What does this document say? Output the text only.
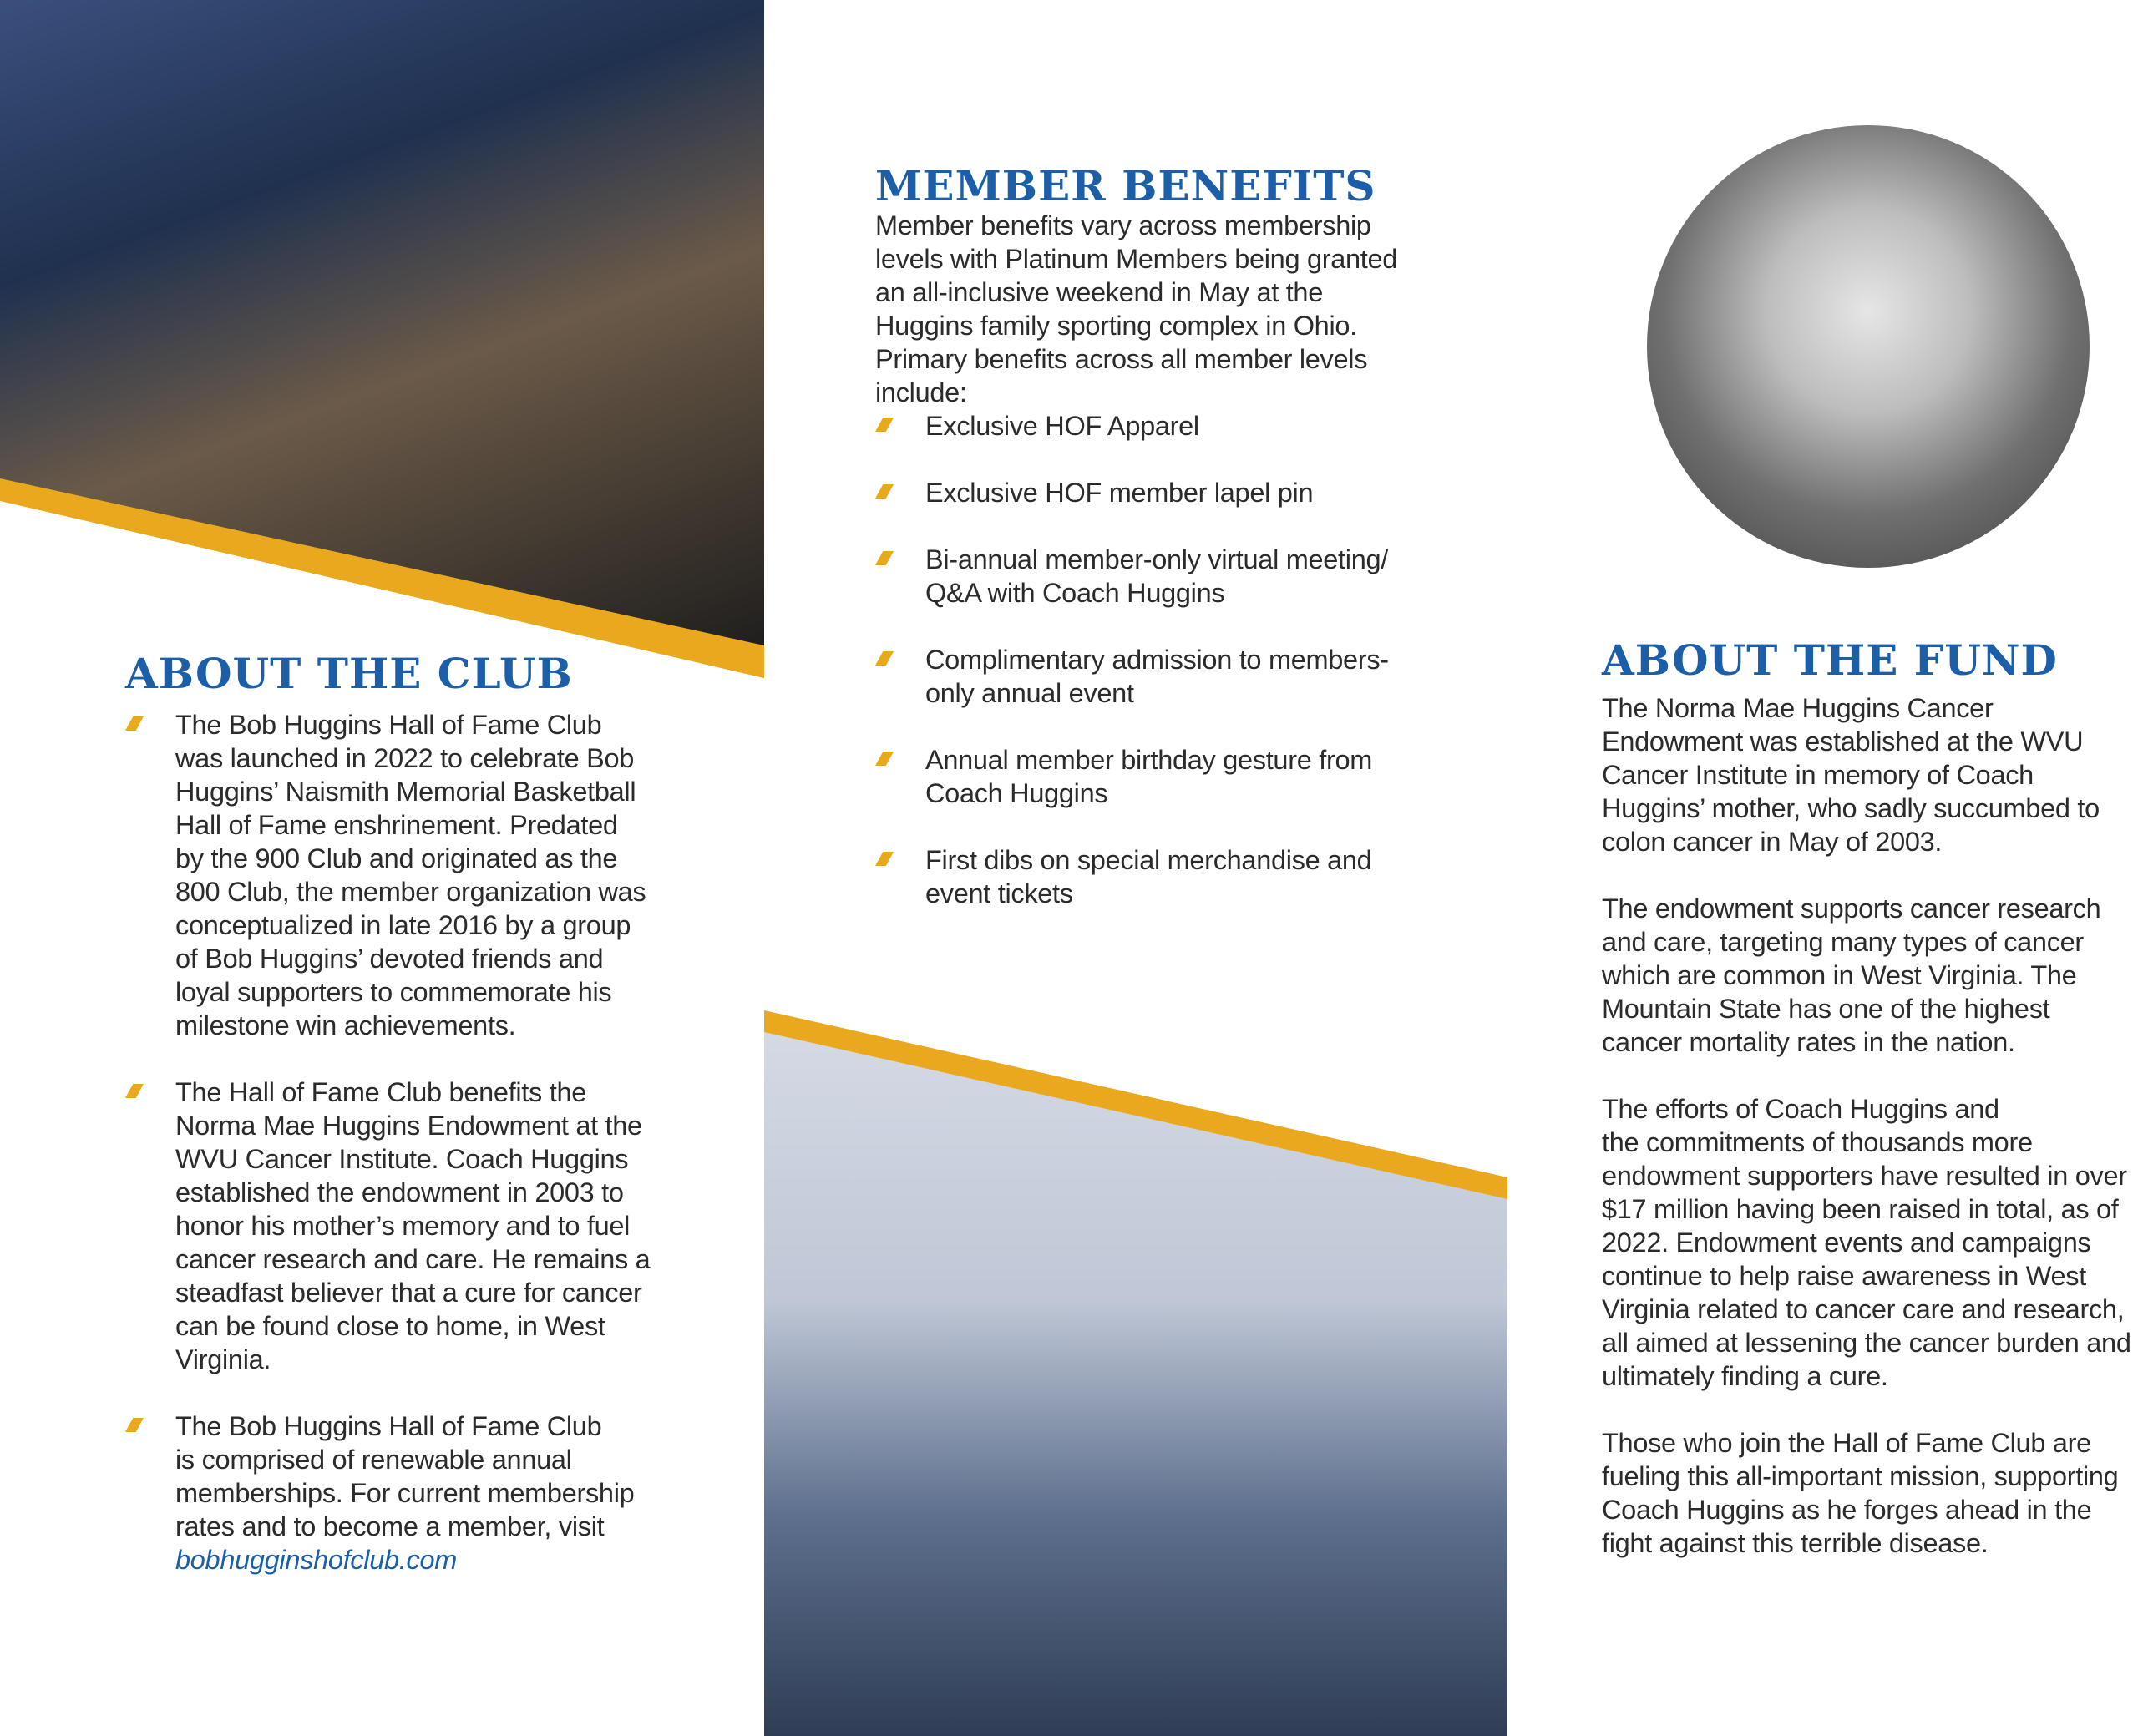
ABOUT THE CLUB

The Bob Huggins Hall of Fame Club
was launched in 2022 to celebrate Bob
Huggins’ Naismith Memorial Basketball
Hall of Fame enshrinement. Predated
by the 900 Club and originated as the
800 Club, the member organization was
conceptualized in late 2016 by a group
of Bob Huggins’ devoted friends and
loyal supporters to commemorate his
milestone win achievements.

The Hall of Fame Club benefits the
Norma Mae Huggins Endowment at the
WVU Cancer Institute. Coach Huggins
established the endowment in 2003 to
honor his mother’s memory and to fuel
cancer research and care. He remains a
steadfast believer that a cure for cancer
can be found close to home, in West
Virginia.

The Bob Huggins Hall of Fame Club
is comprised of renewable annual
memberships. For current membership
rates and to become a member, visit

bobhugginshofclub.com
MEMBER BENEFITS

Member benefits vary across membership
levels with Platinum Members being granted
an all-inclusive weekend in May at the
Huggins family sporting complex in Ohio.
Primary benefits across all member levels
include:

Exclusive HOF Apparel
Exclusive HOF member lapel pin
Bi-annual member-only virtual meeting/
Q&A with Coach Huggins
Complimentary admission to members-
only annual event
Annual member birthday gesture from
Coach Huggins
First dibs on special merchandise and
event tickets
ABOUT THE FUND

The Norma Mae Huggins Cancer
Endowment was established at the WVU
Cancer Institute in memory of Coach
Huggins’ mother, who sadly succumbed to
colon cancer in May of 2003.

The endowment supports cancer research
and care, targeting many types of cancer
which are common in West Virginia. The
Mountain State has one of the highest
cancer mortality rates in the nation.

The efforts of Coach Huggins and
the commitments of thousands more
endowment supporters have resulted in over
$17 million having been raised in total, as of
2022. Endowment events and campaigns
continue to help raise awareness in West
Virginia related to cancer care and research,
all aimed at lessening the cancer burden and
ultimately finding a cure.

Those who join the Hall of Fame Club are
fueling this all-important mission, supporting
Coach Huggins as he forges ahead in the
fight against this terrible disease.
